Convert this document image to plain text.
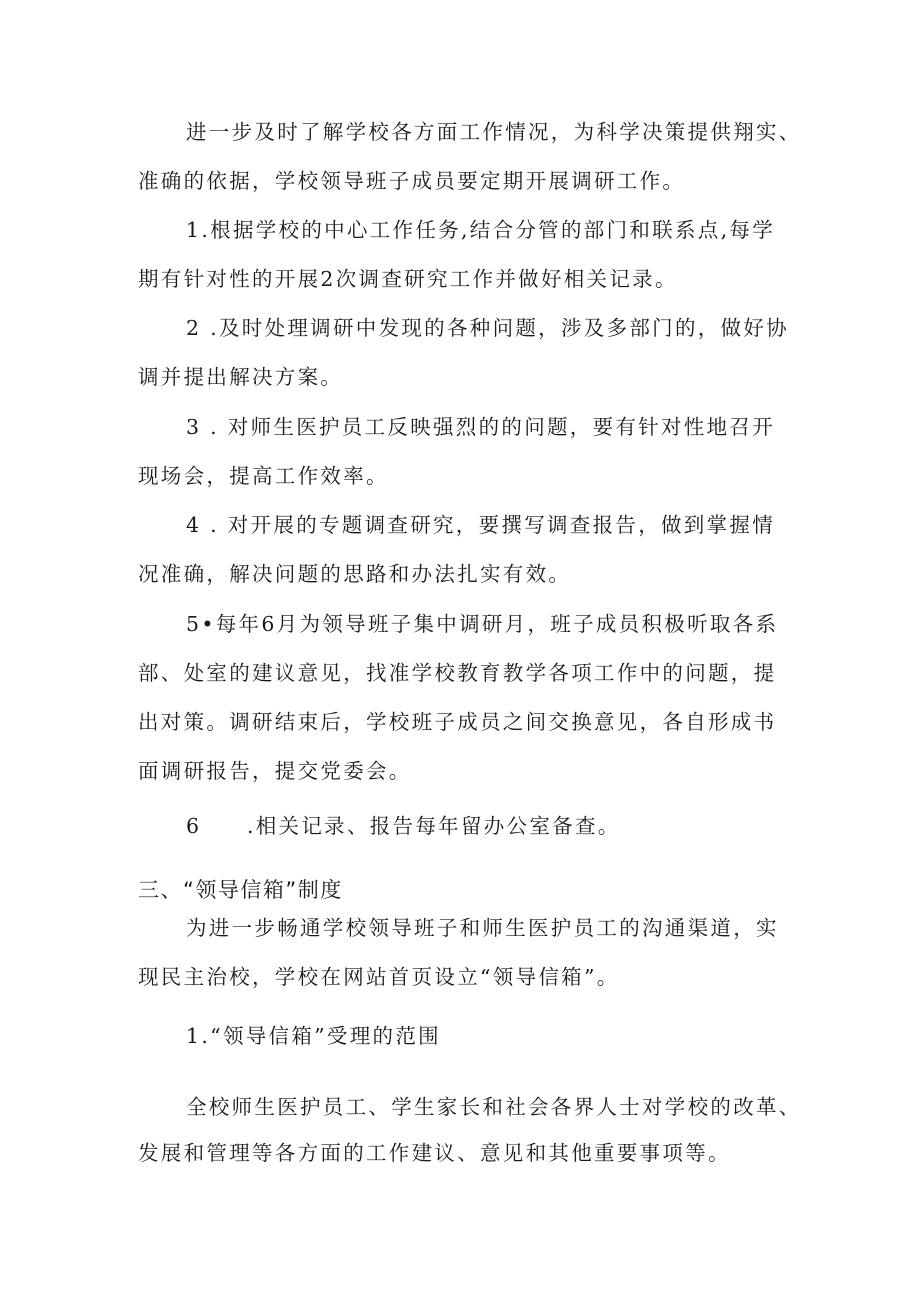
进一步及时了解学校各方面工作情况，为科学决策提供翔实、
准确的依据，学校领导班子成员要定期开展调研工作。
1.根据学校的中心工作任务,结合分管的部门和联系点,每学
期有针对性的开展2次调查研究工作并做好相关记录。
2 .及时处理调研中发现的各种问题，涉及多部门的，做好协
调并提出解决方案。
3 . 对师生医护员工反映强烈的的问题，要有针对性地召开
现场会，提高工作效率。
4 . 对开展的专题调查研究，要撰写调查报告，做到掌握情
况准确，解决问题的思路和办法扎实有效。
5•每年6月为领导班子集中调研月，班子成员积极听取各系
部、处室的建议意见，找准学校教育教学各项工作中的问题，提
出对策。调研结束后，学校班子成员之间交换意见，各自形成书
面调研报告，提交党委会。
6　　.相关记录、报告每年留办公室备查。
三、“领导信箱”制度
为进一步畅通学校领导班子和师生医护员工的沟通渠道，实
现民主治校，学校在网站首页设立“领导信箱”。
1.“领导信箱”受理的范围
全校师生医护员工、学生家长和社会各界人士对学校的改革、
发展和管理等各方面的工作建议、意见和其他重要事项等。
